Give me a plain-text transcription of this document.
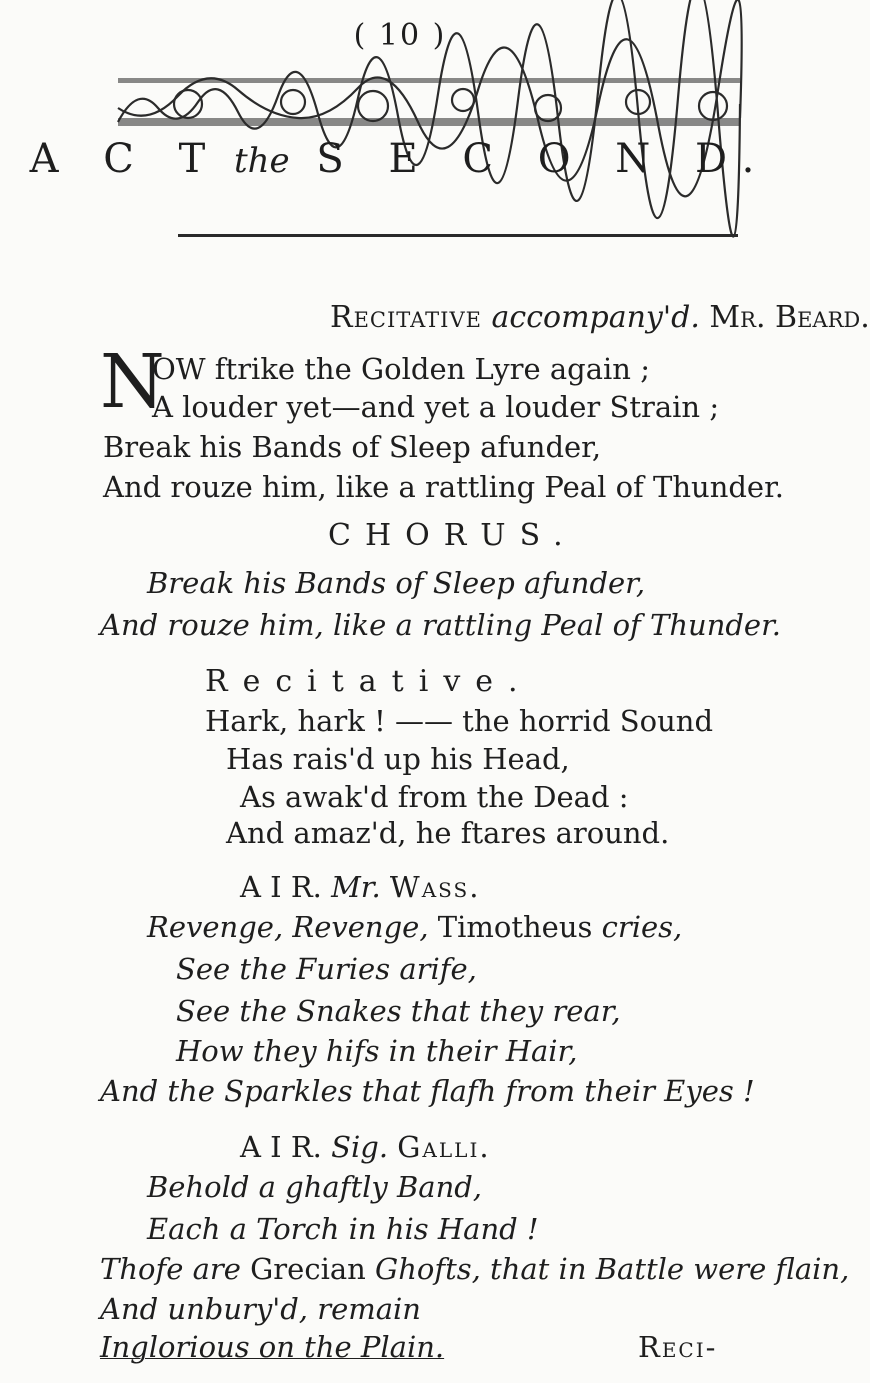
( 10 )
A C T the S E C O N D.
Recitative accompany'd. Mr. Beard.
N
OW ftrike the Golden Lyre again ;
A louder yet—and yet a louder Strain ;
Break his Bands of Sleep afunder,
And rouze him, like a rattling Peal of Thunder.
CHORUS.
Break his Bands of Sleep afunder,
And rouze him, like a rattling Peal of Thunder.
Recitative.
Hark, hark ! —— the horrid Sound
Has rais'd up his Head,
As awak'd from the Dead :
And amaz'd, he ftares around.
A I R. Mr. Wass.
Revenge, Revenge, Timotheus cries,
See the Furies arife,
See the Snakes that they rear,
How they hifs in their Hair,
And the Sparkles that flafh from their Eyes !
A I R. Sig. Galli.
Behold a ghaftly Band,
Each a Torch in his Hand !
Thofe are Grecian Ghofts, that in Battle were flain,
And unbury'd, remain
Inglorious on the Plain.	Reci-
